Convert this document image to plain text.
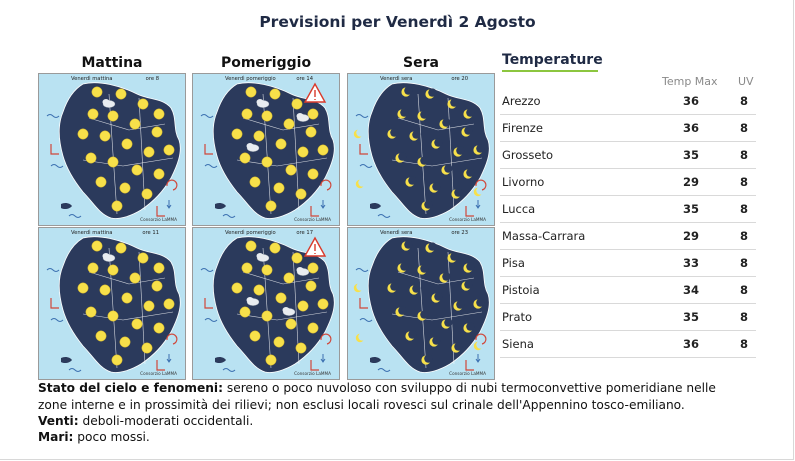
Previsioni per Venerdì 2 Agosto
Mattina	Pomeriggio	Sera
Venerdì mattina	ore 8
Consorzio LaMMA
Venerdì pomeriggio	ore 14
Consorzio LaMMA
Venerdì sera	ore 20
Consorzio LaMMA
Venerdì mattina	ore 11
Consorzio LaMMA
Venerdì pomeriggio	ore 17
Consorzio LaMMA
Venerdì sera	ore 23
Consorzio LaMMA
Temperature
Temp Max UV
Arezzo	36	8
Firenze	36	8
Grosseto	35	8
Livorno	29	8
Lucca	35	8
Massa-Carrara	29	8
Pisa	33	8
Pistoia	34	8
Prato	35	8
Siena	36	8
Stato del cielo e fenomeni: sereno o poco nuvoloso con sviluppo di nubi termoconvettive pomeridiane nelle
zone interne e in prossimità dei rilievi; non esclusi locali rovesci sul crinale dell'Appennino tosco-emiliano.
Venti: deboli-moderati occidentali.
Mari: poco mossi.
